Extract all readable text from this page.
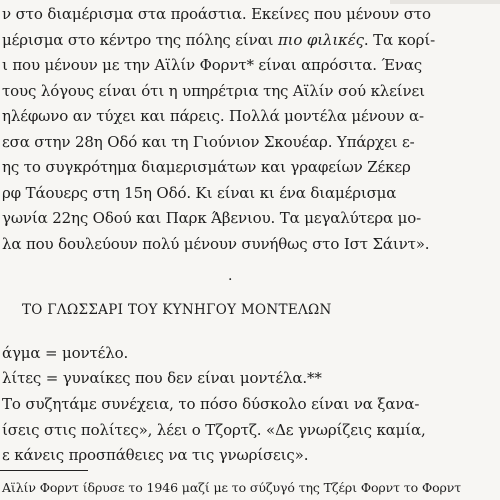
ν στο διαμέρισμα στα προάστια. Εκείνες που μένουν στο
μέρισμα στο κέντρο της πόλης είναι πιο φιλικές. Τα κορί-
ι που μένουν με την Αϊλίν Φορντ* είναι απρόσιτα. Ένας
τους λόγους είναι ότι η υπηρέτρια της Αϊλίν σού κλείνει
ηλέφωνο αν τύχει και πάρεις. Πολλά μοντέλα μένουν α-
εσα στην 28η Οδό και τη Γιούνιον Σκουέαρ. Υπάρχει ε-
ης το συγκρότημα διαμερισμάτων και γραφείων Ζέκερ
ρφ Τάουερς στη 15η Οδό. Κι είναι κι ένα διαμέρισμα
γωνία 22ης Οδού και Παρκ Άβενιου. Τα μεγαλύτερα μο-
λα που δουλεύουν πολύ μένουν συνήθως στο Ιστ Σάιντ».
.
ΤΟ ΓΛΩΣΣΑΡΙ ΤΟΥ ΚΥΝΗΓΟΥ ΜΟΝΤΕΛΩΝ
άγμα = μοντέλο.
λίτες = γυναίκες που δεν είναι μοντέλα.**
Το συζητάμε συνέχεια, το πόσο δύσκολο είναι να ξανα-
ίσεις στις πολίτες», λέει ο Τζορτζ. «Δε γνωρίζεις καμία,
ε κάνεις προσπάθειες να τις γνωρίσεις».
Αϊλίν Φορντ ίδρυσε το 1946 μαζί με το σύζυγό της Τζέρι Φορντ το Φορντ
